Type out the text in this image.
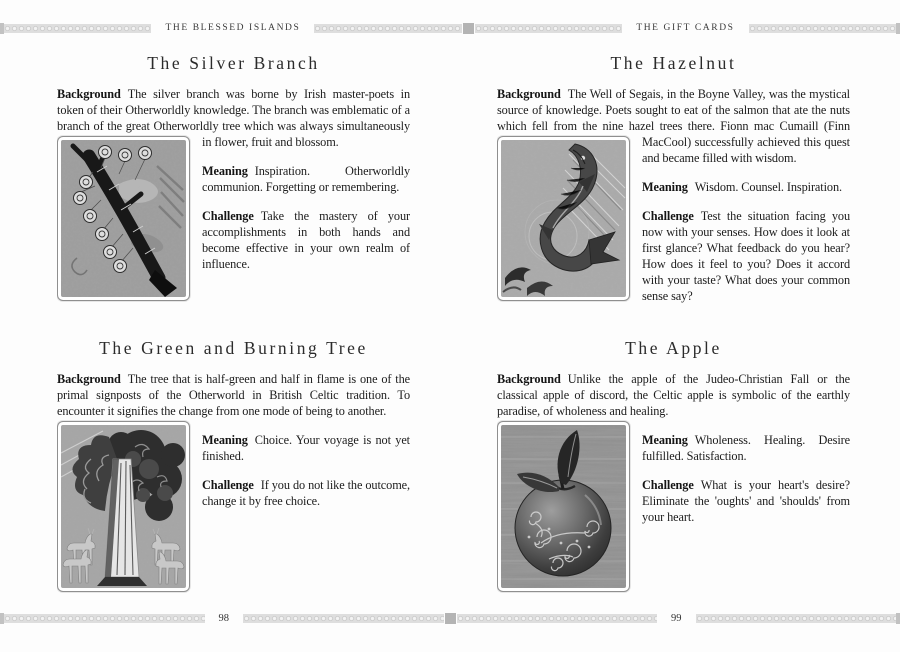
THE BLESSED ISLANDS	THE GIFT CARDS
The Silver Branch

Background The silver branch was borne by Irish master-poets in token of their Otherworldly knowledge. The branch was emblematic of a branch of the great Otherworldly tree which was always simultaneously in flower, fruit and blossom.

Meaning Inspiration. Otherworldly communion. Forgetting or remembering.

Challenge Take the mastery of your accomplishments in both hands and become effective in your own realm of influence.

The Green and Burning Tree

Background The tree that is half-green and half in flame is one of the primal signposts of the Otherworld in British Celtic tradition. To encounter it signifies the change from one mode of being to another.

Meaning Choice. Your voyage is not yet finished.

Challenge If you do not like the outcome, change it by free choice.

The Hazelnut

Background The Well of Segais, in the Boyne Valley, was the mystical source of knowledge. Poets sought to eat of the salmon that ate the nuts which fell from the nine hazel trees there. Fionn mac Cumaill (Finn MacCool) successfully achieved this quest and became filled with wisdom.

Meaning Wisdom. Counsel. Inspiration.

Challenge Test the situation facing you now with your senses. How does it look at first glance? What feedback do you hear? How does it feel to you? Does it accord with your taste? What does your common sense say?

The Apple

Background Unlike the apple of the Judeo-Christian Fall or the classical apple of discord, the Celtic apple is symbolic of the earthly paradise, of wholeness and healing.

Meaning Wholeness. Healing. Desire fulfilled. Satisfaction.

Challenge What is your heart's desire? Eliminate the 'oughts' and 'shoulds' from your heart.

98	99
